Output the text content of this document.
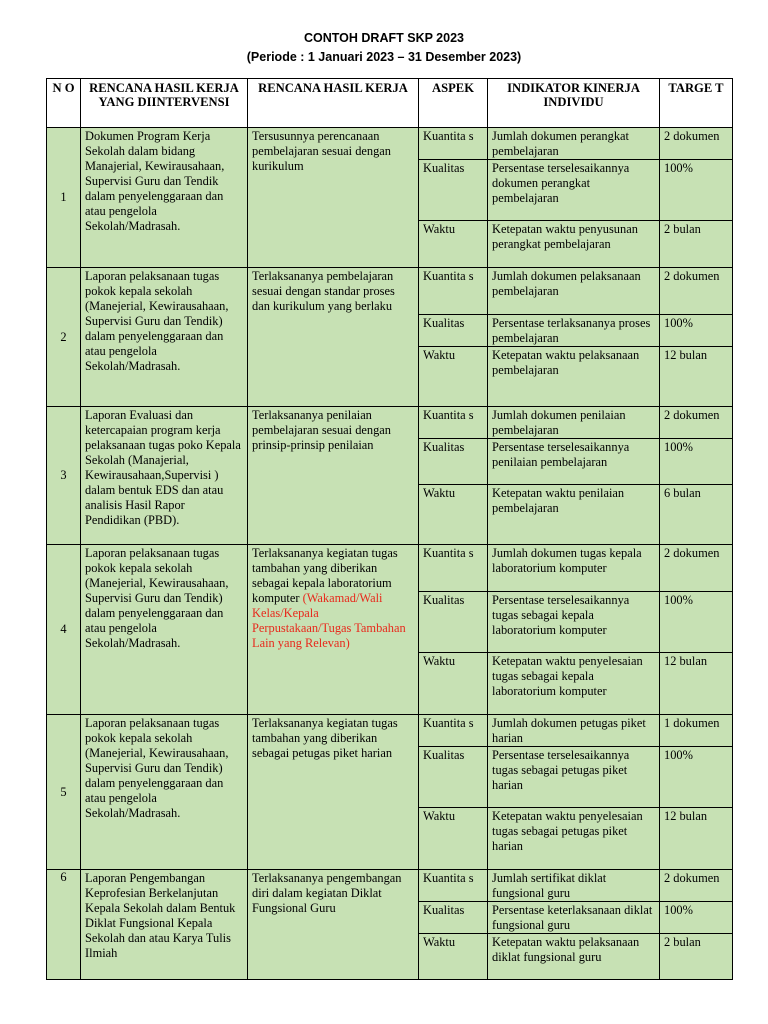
CONTOH DRAFT SKP 2023
(Periode : 1 Januari 2023 – 31 Desember 2023)
N O	RENCANA HASIL KERJA YANG DIINTERVENSI	RENCANA HASIL KERJA	ASPEK	INDIKATOR KINERJA INDIVIDU	TARGE T
1	Dokumen Program Kerja Sekolah dalam bidang Manajerial, Kewirausahaan, Supervisi Guru dan Tendik dalam penyelenggaraan dan atau pengelola Sekolah/Madrasah.	Tersusunnya perencanaan pembelajaran sesuai dengan kurikulum	Kuantita s	Jumlah dokumen perangkat pembelajaran	2 dokumen
			Kualitas	Persentase terselesaikannya dokumen perangkat pembelajaran	100%
			Waktu	Ketepatan waktu penyusunan perangkat pembelajaran	2 bulan
2	Laporan pelaksanaan tugas pokok kepala sekolah (Manejerial, Kewirausahaan, Supervisi Guru dan Tendik) dalam penyelenggaraan dan atau pengelola Sekolah/Madrasah.	Terlaksananya pembelajaran sesuai dengan standar proses dan kurikulum yang berlaku	Kuantita s	Jumlah dokumen pelaksanaan pembelajaran	2 dokumen
			Kualitas	Persentase terlaksananya proses pembelajaran	100%
			Waktu	Ketepatan waktu pelaksanaan pembelajaran	12 bulan
3	Laporan Evaluasi dan ketercapaian program kerja pelaksanaan tugas poko Kepala Sekolah (Manajerial, Kewirausahaan,Supervisi ) dalam bentuk EDS dan atau analisis Hasil Rapor Pendidikan (PBD).	Terlaksananya penilaian pembelajaran sesuai dengan prinsip-prinsip penilaian	Kuantita s	Jumlah dokumen penilaian pembelajaran	2 dokumen
			Kualitas	Persentase terselesaikannya penilaian pembelajaran	100%
			Waktu	Ketepatan waktu penilaian pembelajaran	6 bulan
4	Laporan pelaksanaan tugas pokok kepala sekolah (Manejerial, Kewirausahaan, Supervisi Guru dan Tendik) dalam penyelenggaraan dan atau pengelola Sekolah/Madrasah.	Terlaksananya kegiatan tugas tambahan yang diberikan sebagai kepala laboratorium komputer (Wakamad/Wali Kelas/Kepala Perpustakaan/Tugas Tambahan Lain yang Relevan)	Kuantita s	Jumlah dokumen tugas kepala laboratorium komputer	2 dokumen
			Kualitas	Persentase terselesaikannya tugas sebagai kepala laboratorium komputer	100%
			Waktu	Ketepatan waktu penyelesaian tugas sebagai kepala laboratorium komputer	12 bulan
5	Laporan pelaksanaan tugas pokok kepala sekolah (Manejerial, Kewirausahaan, Supervisi Guru dan Tendik) dalam penyelenggaraan dan atau pengelola Sekolah/Madrasah.	Terlaksananya kegiatan tugas tambahan yang diberikan sebagai petugas piket harian	Kuantita s	Jumlah dokumen petugas piket harian	1 dokumen
			Kualitas	Persentase terselesaikannya tugas sebagai petugas piket harian	100%
			Waktu	Ketepatan waktu penyelesaian tugas sebagai petugas piket harian	12 bulan
6	Laporan Pengembangan Keprofesian Berkelanjutan Kepala Sekolah dalam Bentuk Diklat Fungsional Kepala Sekolah dan atau Karya Tulis Ilmiah	Terlaksananya pengembangan diri dalam kegiatan Diklat Fungsional Guru	Kuantita s	Jumlah sertifikat diklat fungsional guru	2 dokumen
			Kualitas	Persentase keterlaksanaan diklat fungsional guru	100%
			Waktu	Ketepatan waktu pelaksanaan diklat fungsional guru	2 bulan
